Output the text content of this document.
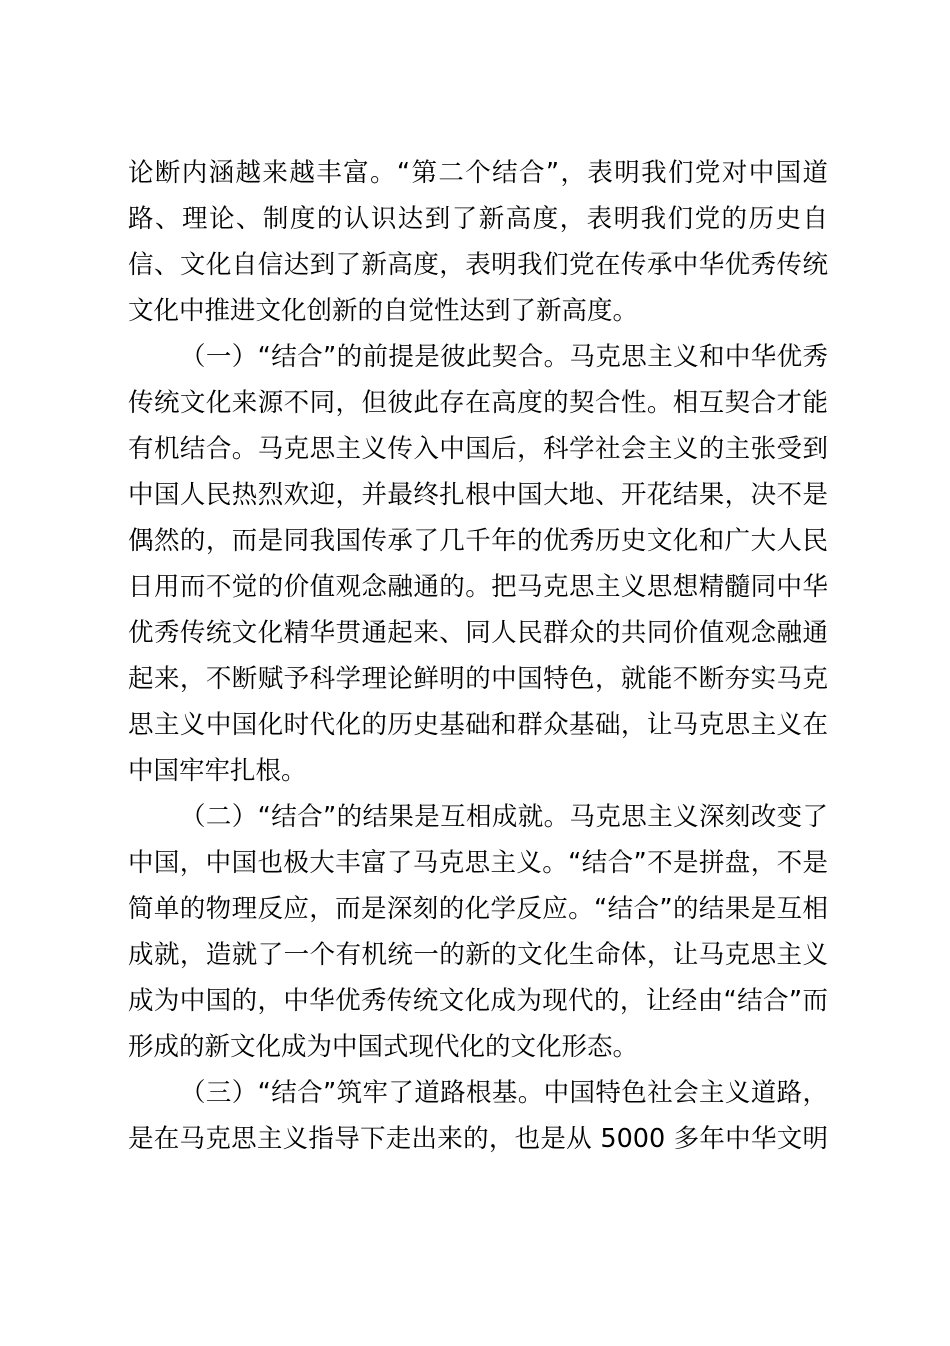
论断内涵越来越丰富。“第二个结合”，表明我们党对中国道
路、理论、制度的认识达到了新高度，表明我们党的历史自
信、文化自信达到了新高度，表明我们党在传承中华优秀传统
文化中推进文化创新的自觉性达到了新高度。
（一）“结合”的前提是彼此契合。马克思主义和中华优秀
传统文化来源不同，但彼此存在高度的契合性。相互契合才能
有机结合。马克思主义传入中国后，科学社会主义的主张受到
中国人民热烈欢迎，并最终扎根中国大地、开花结果，决不是
偶然的，而是同我国传承了几千年的优秀历史文化和广大人民
日用而不觉的价值观念融通的。把马克思主义思想精髓同中华
优秀传统文化精华贯通起来、同人民群众的共同价值观念融通
起来，不断赋予科学理论鲜明的中国特色，就能不断夯实马克
思主义中国化时代化的历史基础和群众基础，让马克思主义在
中国牢牢扎根。
（二）“结合”的结果是互相成就。马克思主义深刻改变了
中国，中国也极大丰富了马克思主义。“结合”不是拼盘，不是
简单的物理反应，而是深刻的化学反应。“结合”的结果是互相
成就，造就了一个有机统一的新的文化生命体，让马克思主义
成为中国的，中华优秀传统文化成为现代的，让经由“结合”而
形成的新文化成为中国式现代化的文化形态。
（三）“结合”筑牢了道路根基。中国特色社会主义道路，
是在马克思主义指导下走出来的，也是从 5000 多年中华文明
